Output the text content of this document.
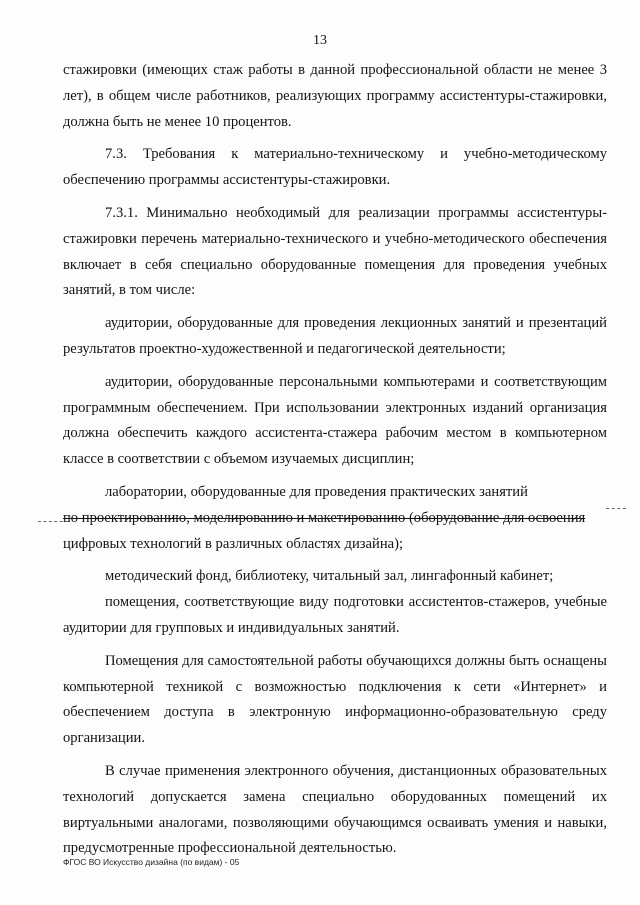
13

стажировки (имеющих стаж работы в данной профессиональной области не менее 3 лет), в общем числе работников, реализующих программу ассистентуры-стажировки, должна быть не менее 10 процентов.

7.3. Требования к материально-техническому и учебно-методическому обеспечению программы ассистентуры-стажировки.

7.3.1. Минимально необходимый для реализации программы ассистентуры-стажировки перечень материально-технического и учебно-методического обеспечения включает в себя специально оборудованные помещения для проведения учебных занятий, в том числе:

аудитории, оборудованные для проведения лекционных занятий и презентаций результатов проектно-художественной и педагогической деятельности;

аудитории, оборудованные персональными компьютерами и соответствующим программным обеспечением. При использовании электронных изданий организация должна обеспечить каждого ассистента-стажера рабочим местом в компьютерном классе в соответствии с объемом изучаемых дисциплин;

лаборатории, оборудованные для проведения практических занятий

по проектированию, моделированию и макетированию (оборудование для освоения

цифровых технологий в различных областях дизайна);

методический фонд, библиотеку, читальный зал, лингафонный кабинет;

помещения, соответствующие виду подготовки ассистентов-стажеров, учебные аудитории для групповых и индивидуальных занятий.

Помещения для самостоятельной работы обучающихся должны быть оснащены компьютерной техникой с возможностью подключения к сети «Интернет» и обеспечением доступа в электронную информационно-образовательную среду организации.

В случае применения электронного обучения, дистанционных образовательных технологий допускается замена специально оборудованных помещений их виртуальными аналогами, позволяющими обучающимся осваивать умения и навыки, предусмотренные профессиональной деятельностью.

ФГОС ВО Искусство дизайна (по видам) - 05
